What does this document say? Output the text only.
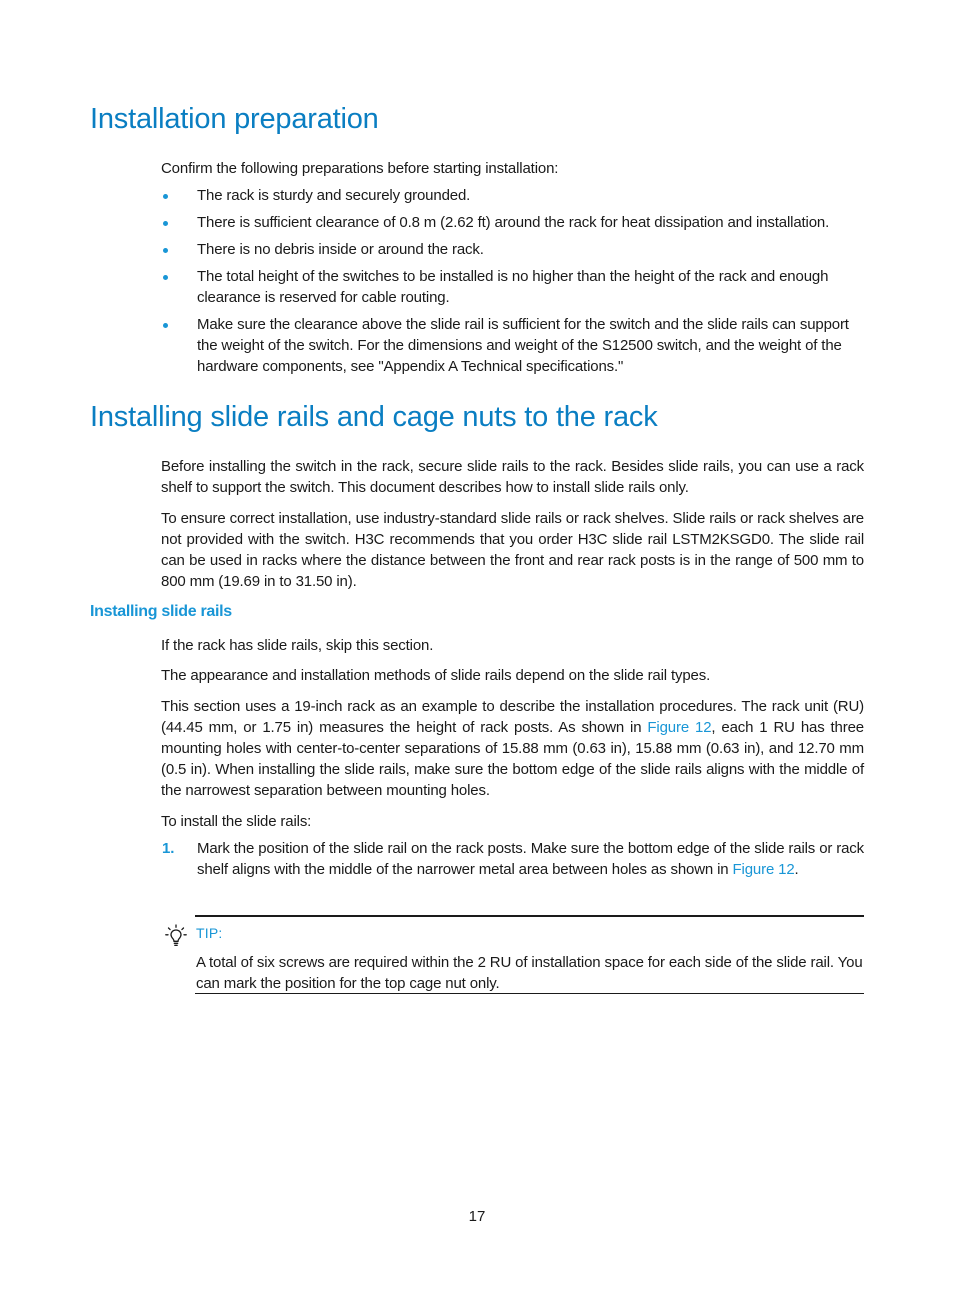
Installation preparation

Confirm the following preparations before starting installation:

The rack is sturdy and securely grounded.
There is sufficient clearance of 0.8 m (2.62 ft) around the rack for heat dissipation and installation.
There is no debris inside or around the rack.
The total height of the switches to be installed is no higher than the height of the rack and enough clearance is reserved for cable routing.
Make sure the clearance above the slide rail is sufficient for the switch and the slide rails can support the weight of the switch. For the dimensions and weight of the S12500 switch, and the weight of the hardware components, see "Appendix A Technical specifications."
Installing slide rails and cage nuts to the rack

Before installing the switch in the rack, secure slide rails to the rack. Besides slide rails, you can use a rack shelf to support the switch. This document describes how to install slide rails only.

To ensure correct installation, use industry-standard slide rails or rack shelves. Slide rails or rack shelves are not provided with the switch. H3C recommends that you order H3C slide rail LSTM2KSGD0. The slide rail can be used in racks where the distance between the front and rear rack posts is in the range of 500 mm to 800 mm (19.69 in to 31.50 in).

Installing slide rails

If the rack has slide rails, skip this section.

The appearance and installation methods of slide rails depend on the slide rail types.

This section uses a 19-inch rack as an example to describe the installation procedures. The rack unit (RU) (44.45 mm, or 1.75 in) measures the height of rack posts. As shown in Figure 12, each 1 RU has three mounting holes with center-to-center separations of 15.88 mm (0.63 in), 15.88 mm (0.63 in), and 12.70 mm (0.5 in). When installing the slide rails, make sure the bottom edge of the slide rails aligns with the middle of the narrowest separation between mounting holes.

To install the slide rails:

1. Mark the position of the slide rail on the rack posts. Make sure the bottom edge of the slide rails or rack shelf aligns with the middle of the narrower metal area between holes as shown in Figure 12.
TIP:
A total of six screws are required within the 2 RU of installation space for each side of the slide rail. You can mark the position for the top cage nut only.
17
